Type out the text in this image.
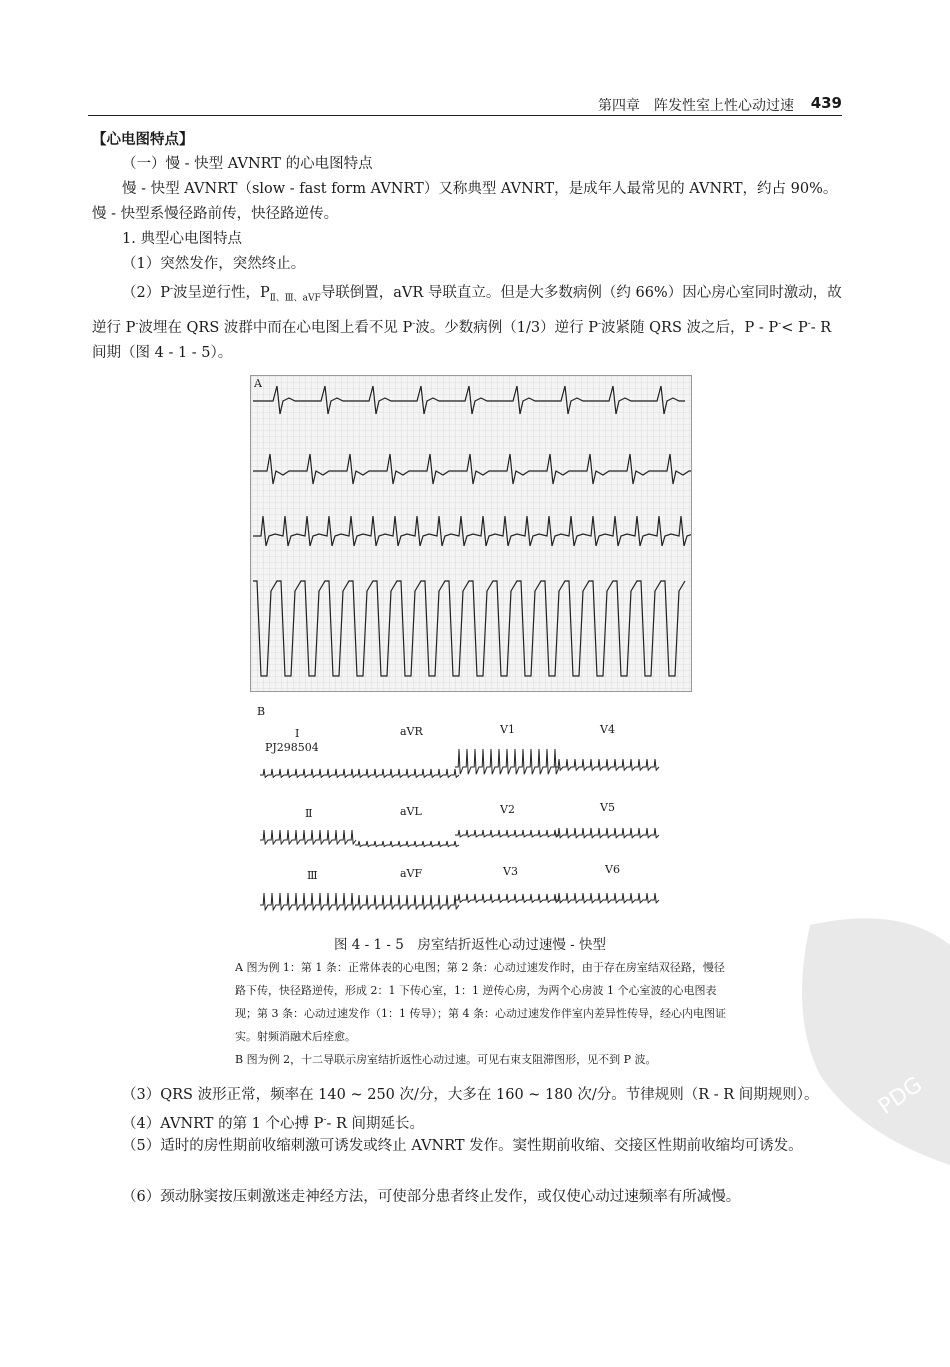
第四章　阵发性室上性心动过速 439

【心电图特点】

（一）慢 - 快型 AVNRT 的心电图特点

慢 - 快型 AVNRT（slow - fast form AVNRT）又称典型 AVNRT，是成年人最常见的 AVNRT，约占 90%。慢 - 快型系慢径路前传，快径路逆传。

1. 典型心电图特点

（1）突然发作，突然终止。

（2）P-波呈逆行性，$P_{Ⅱ、Ⅲ、aVF}$导联倒置，aVR 导联直立。但是大多数病例（约 66%）因心房心室同时激动，故逆行 P-波埋在 QRS 波群中而在心电图上看不见 P-波。少数病例（1/3）逆行 P-波紧随 QRS 波之后，P - P-< P-- R 间期（图 4 - 1 - 5）。

B
Ⅰ	aVR	V1	V4
PJ298504
Ⅱ	aVL	V2	V5
Ⅲ	aVF	V3	V6
图 4 - 1 - 5　房室结折返性心动过速慢 - 快型

A 图为例 1：第 1 条：正常体表的心电图；第 2 条：心动过速发作时，由于存在房室结双径路，慢径路下传，快径路逆传，形成 2：1 下传心室，1：1 逆传心房，为两个心房波 1 个心室波的心电图表现；第 3 条：心动过速发作（1：1 传导）；第 4 条：心动过速发作伴室内差异性传导，经心内电图证实。射频消融术后痊愈。

B 图为例 2，十二导联示房室结折返性心动过速。可见右束支阻滞图形，见不到 P 波。

（3）QRS 波形正常，频率在 140 ~ 250 次/分，大多在 160 ~ 180 次/分。节律规则（R - R 间期规则）。

（4）AVNRT 的第 1 个心搏 P-- R 间期延长。

（5）适时的房性期前收缩刺激可诱发或终止 AVNRT 发作。窦性期前收缩、交接区性期前收缩均可诱发。

（6）颈动脉窦按压刺激迷走神经方法，可使部分患者终止发作，或仅使心动过速频率有所减慢。

PDG
